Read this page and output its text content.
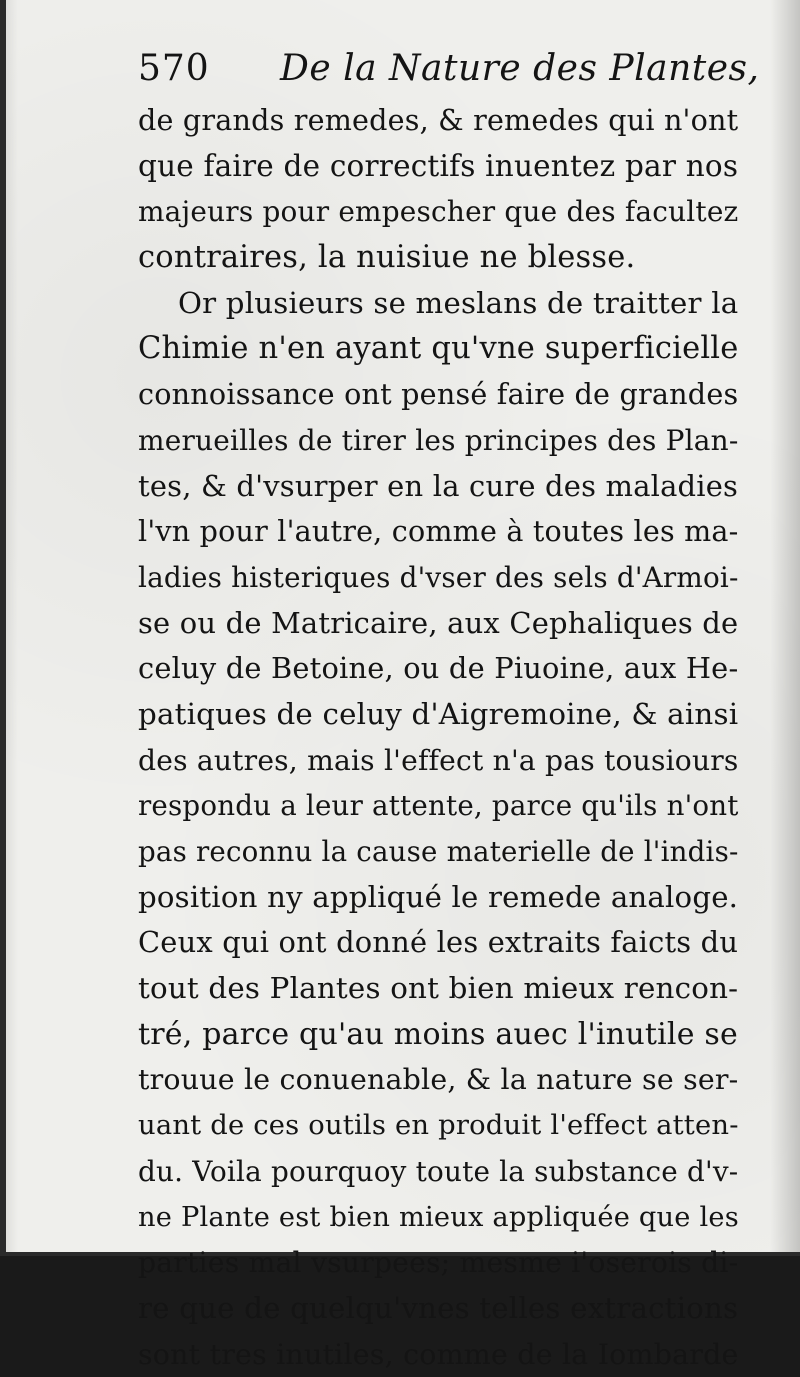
570 De la Nature des Plantes,
de grands remedes, & remedes qui n'ont
que faire de correctifs inuentez par nos
majeurs pour empescher que des facultez
contraires, la nuisiue ne blesse.
Or plusieurs se meslans de traitter la
Chimie n'en ayant qu'vne superficielle
connoissance ont pensé faire de grandes
merueilles de tirer les principes des Plan-
tes, & d'vsurper en la cure des maladies
l'vn pour l'autre, comme à toutes les ma-
ladies histeriques d'vser des sels d'Armoi-
se ou de Matricaire, aux Cephaliques de
celuy de Betoine, ou de Piuoine, aux He-
patiques de celuy d'Aigremoine, & ainsi
des autres, mais l'effect n'a pas tousiours
respondu a leur attente, parce qu'ils n'ont
pas reconnu la cause materielle de l'indis-
position ny appliqué le remede analoge.
Ceux qui ont donné les extraits faicts du
tout des Plantes ont bien mieux rencon-
tré, parce qu'au moins auec l'inutile se
trouue le conuenable, & la nature se ser-
uant de ces outils en produit l'effect atten-
du. Voila pourquoy toute la substance d'v-
ne Plante est bien mieux appliquée que les
parties mal vsurpees; mesme i'oserois di-
re que de quelqu'vnes telles extractions
sont tres inutiles, comme de la Iombarde
